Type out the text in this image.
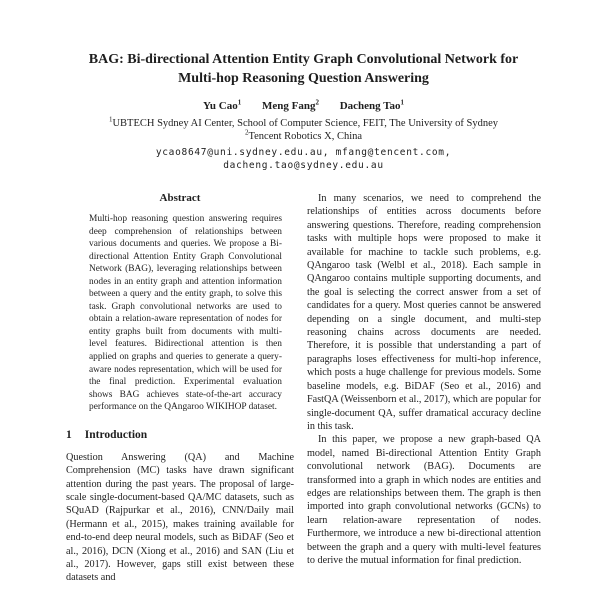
BAG: Bi-directional Attention Entity Graph Convolutional Network for
Multi-hop Reasoning Question Answering
Yu Cao$^1$ Meng Fang$^2$ Dacheng Tao$^1$
$^1$UBTECH Sydney AI Center, School of Computer Science, FEIT, The University of Sydney
$^2$Tencent Robotics X, China
ycao8647@uni.sydney.edu.au, mfang@tencent.com,
dacheng.tao@sydney.edu.au
Abstract
Multi-hop reasoning question answering requires deep comprehension of relationships between various documents and queries. We propose a Bi-directional Attention Entity Graph Convolutional Network (BAG), leveraging relationships between nodes in an entity graph and attention information between a query and the entity graph, to solve this task. Graph convolutional networks are used to obtain a relation-aware representation of nodes for entity graphs built from documents with multi-level features. Bidirectional attention is then applied on graphs and queries to generate a query-aware nodes representation, which will be used for the final prediction. Experimental evaluation shows BAG achieves state-of-the-art accuracy performance on the QAngaroo WIKIHOP dataset.
1 Introduction

Question Answering (QA) and Machine Comprehension (MC) tasks have drawn significant attention during the past years. The proposal of large-scale single-document-based QA/MC datasets, such as SQuAD (Rajpurkar et al., 2016), CNN/Daily mail (Hermann et al., 2015), makes training available for end-to-end deep neural models, such as BiDAF (Seo et al., 2016), DCN (Xiong et al., 2016) and SAN (Liu et al., 2017). However, gaps still exist between these datasets and

In many scenarios, we need to comprehend the relationships of entities across documents before answering questions. Therefore, reading comprehension tasks with multiple hops were proposed to make it available for machine to tackle such problems, e.g. QAngaroo task (Welbl et al., 2018). Each sample in QAngaroo contains multiple supporting documents, and the goal is selecting the correct answer from a set of candidates for a query. Most queries cannot be answered depending on a single document, and multi-step reasoning chains across documents are needed. Therefore, it is possible that understanding a part of paragraphs loses effectiveness for multi-hop inference, which posts a huge challenge for previous models. Some baseline models, e.g. BiDAF (Seo et al., 2016) and FastQA (Weissenborn et al., 2017), which are popular for single-document QA, suffer dramatical accuracy decline in this task.

In this paper, we propose a new graph-based QA model, named Bi-directional Attention Entity Graph convolutional network (BAG). Documents are transformed into a graph in which nodes are entities and edges are relationships between them. The graph is then imported into graph convolutional networks (GCNs) to learn relation-aware representation of nodes. Furthermore, we introduce a new bi-directional attention between the graph and a query with multi-level features to derive the mutual information for final prediction.
